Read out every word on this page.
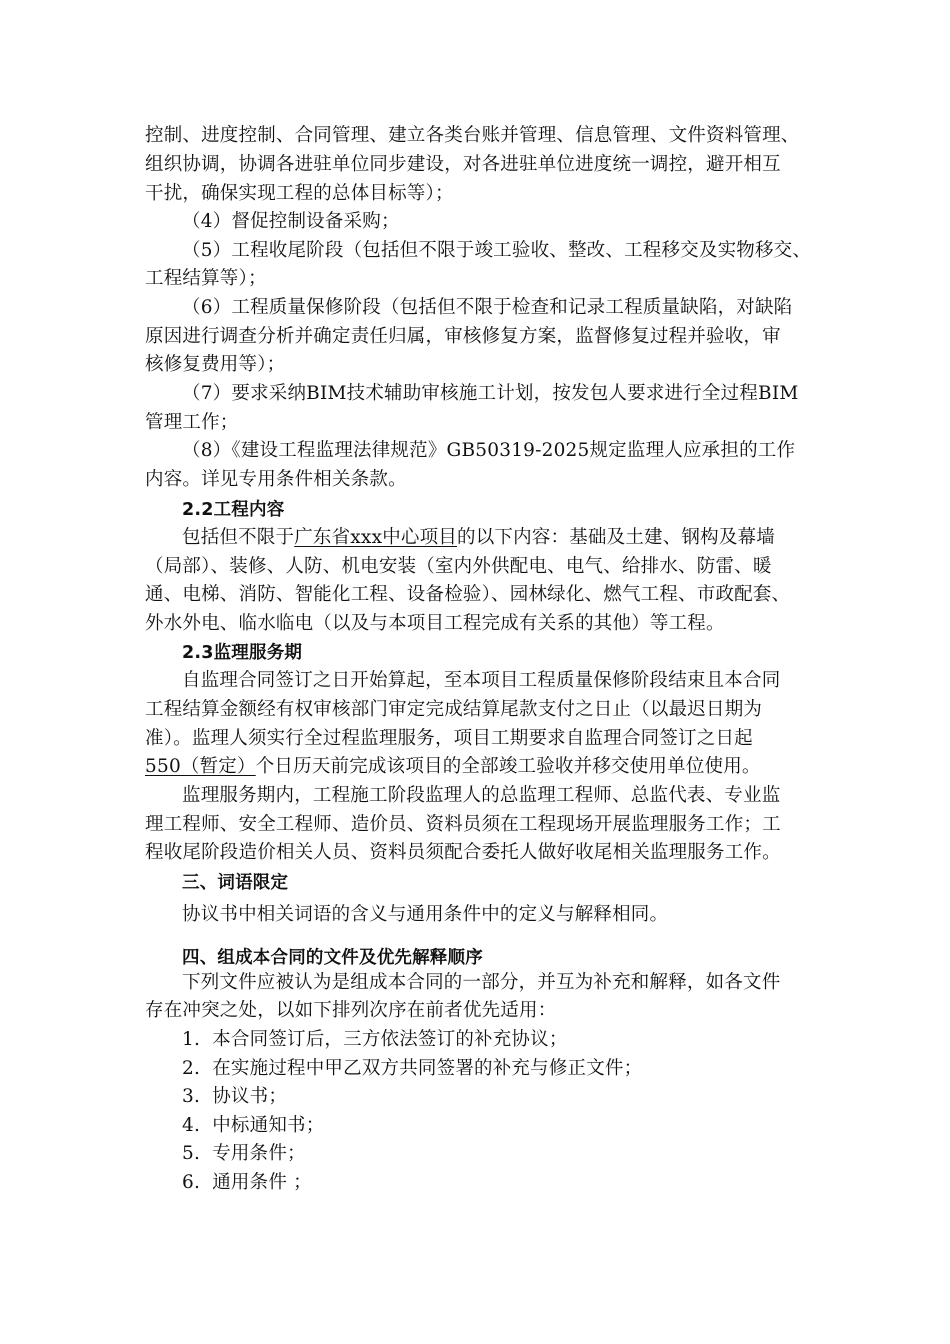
控制、进度控制、合同管理、建立各类台账并管理、信息管理、文件资料管理、
组织协调，协调各进驻单位同步建设，对各进驻单位进度统一调控，避开相互
干扰，确保实现工程的总体目标等）；
（4）督促控制设备采购；
（5）工程收尾阶段（包括但不限于竣工验收、整改、工程移交及实物移交、
工程结算等）；
（6）工程质量保修阶段（包括但不限于检查和记录工程质量缺陷，对缺陷
原因进行调查分析并确定责任归属，审核修复方案，监督修复过程并验收，审
核修复费用等）；
（7）要求采纳BIM技术辅助审核施工计划，按发包人要求进行全过程BIM
管理工作；
（8）《建设工程监理法律规范》GB50319-2025规定监理人应承担的工作
内容。详见专用条件相关条款。
2.2工程内容
包括但不限于广东省xxx中心项目的以下内容：基础及土建、钢构及幕墙
（局部）、装修、人防、机电安装（室内外供配电、电气、给排水、防雷、暖
通、电梯、消防、智能化工程、设备检验）、园林绿化、燃气工程、市政配套、
外水外电、临水临电（以及与本项目工程完成有关系的其他）等工程。
2.3监理服务期
自监理合同签订之日开始算起，至本项目工程质量保修阶段结束且本合同
工程结算金额经有权审核部门审定完成结算尾款支付之日止（以最迟日期为
准）。监理人须实行全过程监理服务，项目工期要求自监理合同签订之日起
550（暂定）个日历天前完成该项目的全部竣工验收并移交使用单位使用。
监理服务期内，工程施工阶段监理人的总监理工程师、总监代表、专业监
理工程师、安全工程师、造价员、资料员须在工程现场开展监理服务工作；工
程收尾阶段造价相关人员、资料员须配合委托人做好收尾相关监理服务工作。
三、词语限定
协议书中相关词语的含义与通用条件中的定义与解释相同。
四、组成本合同的文件及优先解释顺序
下列文件应被认为是组成本合同的一部分，并互为补充和解释，如各文件
存在冲突之处，以如下排列次序在前者优先适用：
1. 本合同签订后，三方依法签订的补充协议；
2. 在实施过程中甲乙双方共同签署的补充与修正文件；
3. 协议书；
4. 中标通知书；
5. 专用条件；
6. 通用条件 ；
